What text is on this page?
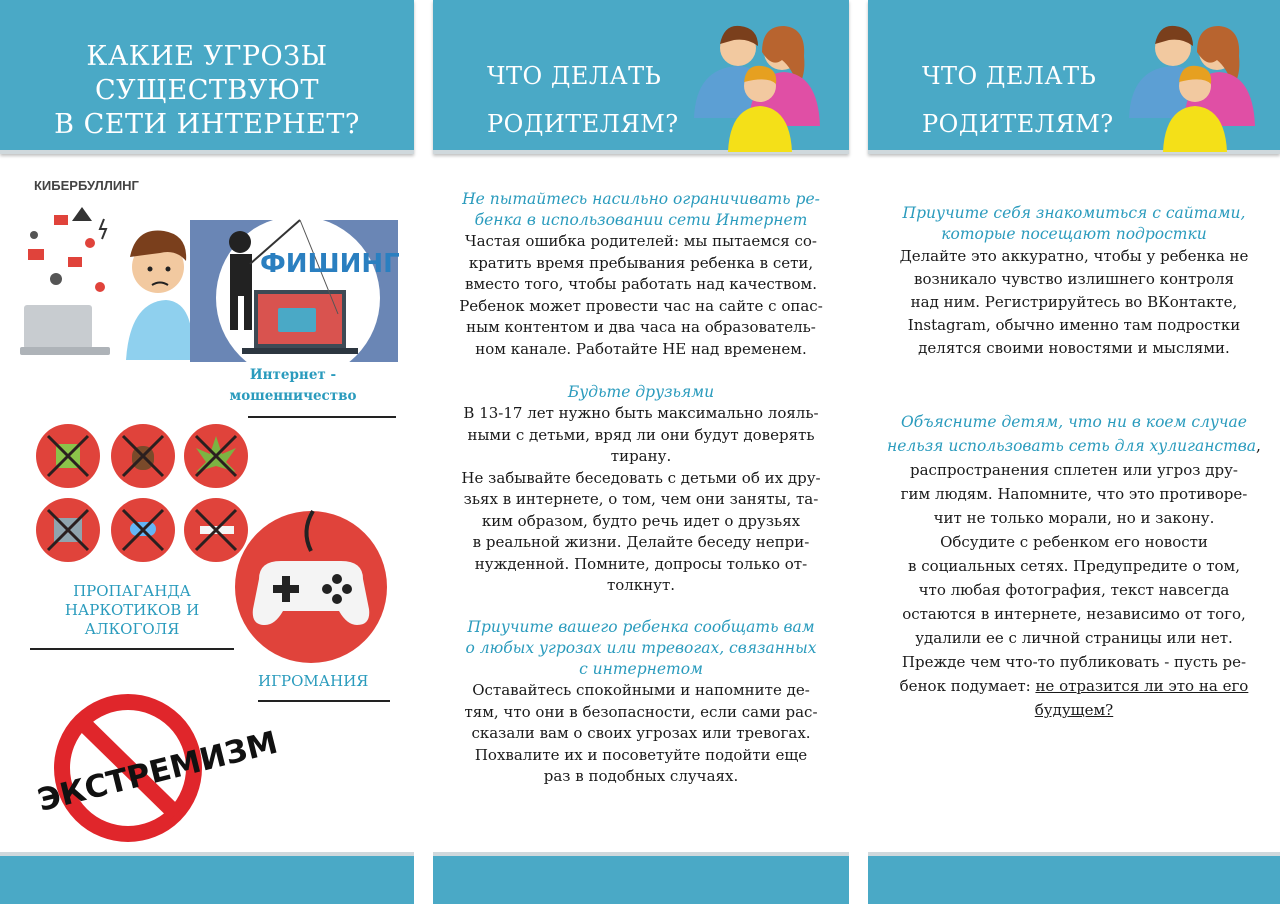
КАКИЕ УГРОЗЫ
СУЩЕСТВУЮТ
В СЕТИ ИНТЕРНЕТ?
КИБЕРБУЛЛИНГ
ФИШИНГ
Интернет -
мошенничество
ПРОПАГАНДА
НАРКОТИКОВ И
АЛКОГОЛЯ
ИГРОМАНИЯ
ЭКСТРЕМИЗМ
ЧТО ДЕЛАТЬ
РОДИТЕЛЯМ?
Не пытайтесь насильно ограничивать ре-
бенка в использовании сети Интернет
Частая ошибка родителей: мы пытаемся со-
кратить время пребывания ребенка в сети,
вместо того, чтобы работать над качеством.
Ребенок может провести час на сайте с опас-
ным контентом и два часа на образователь-
ном канале. Работайте НЕ над временем.
Будьте друзьями
В 13-17 лет нужно быть максимально лояль-
ными с детьми, вряд ли они будут доверять
тирану.
Не забывайте беседовать с детьми об их дру-
зьях в интернете, о том, чем они заняты, та-
ким образом, будто речь идет о друзьях
в реальной жизни. Делайте беседу непри-
нужденной. Помните, допросы только от-
толкнут.
Приучите вашего ребенка сообщать вам
о любых угрозах или тревогах, связанных
с интернетом
Оставайтесь спокойными и напомните де-
тям, что они в безопасности, если сами рас-
сказали вам о своих угрозах или тревогах.
Похвалите их и посоветуйте подойти еще
раз в подобных случаях.
ЧТО ДЕЛАТЬ
РОДИТЕЛЯМ?
Приучите себя знакомиться с сайтами,
которые посещают подростки
Делайте это аккуратно, чтобы у ребенка не
возникало чувство излишнего контроля
над ним. Регистрируйтесь во ВКонтакте,
Instagram, обычно именно там подростки
делятся своими новостями и мыслями.
Объясните детям, что ни в коем случае
нельзя использовать сеть для хулиганства,
распространения сплетен или угроз дру-
гим людям. Напомните, что это противоре-
чит не только морали, но и закону.
Обсудите с ребенком его новости
в социальных сетях. Предупредите о том,
что любая фотография, текст навсегда
остаются в интернете, независимо от того,
удалили ее с личной страницы или нет.
Прежде чем что-то публиковать - пусть ре-
бенок подумает: не отразится ли это на его
будущем?
